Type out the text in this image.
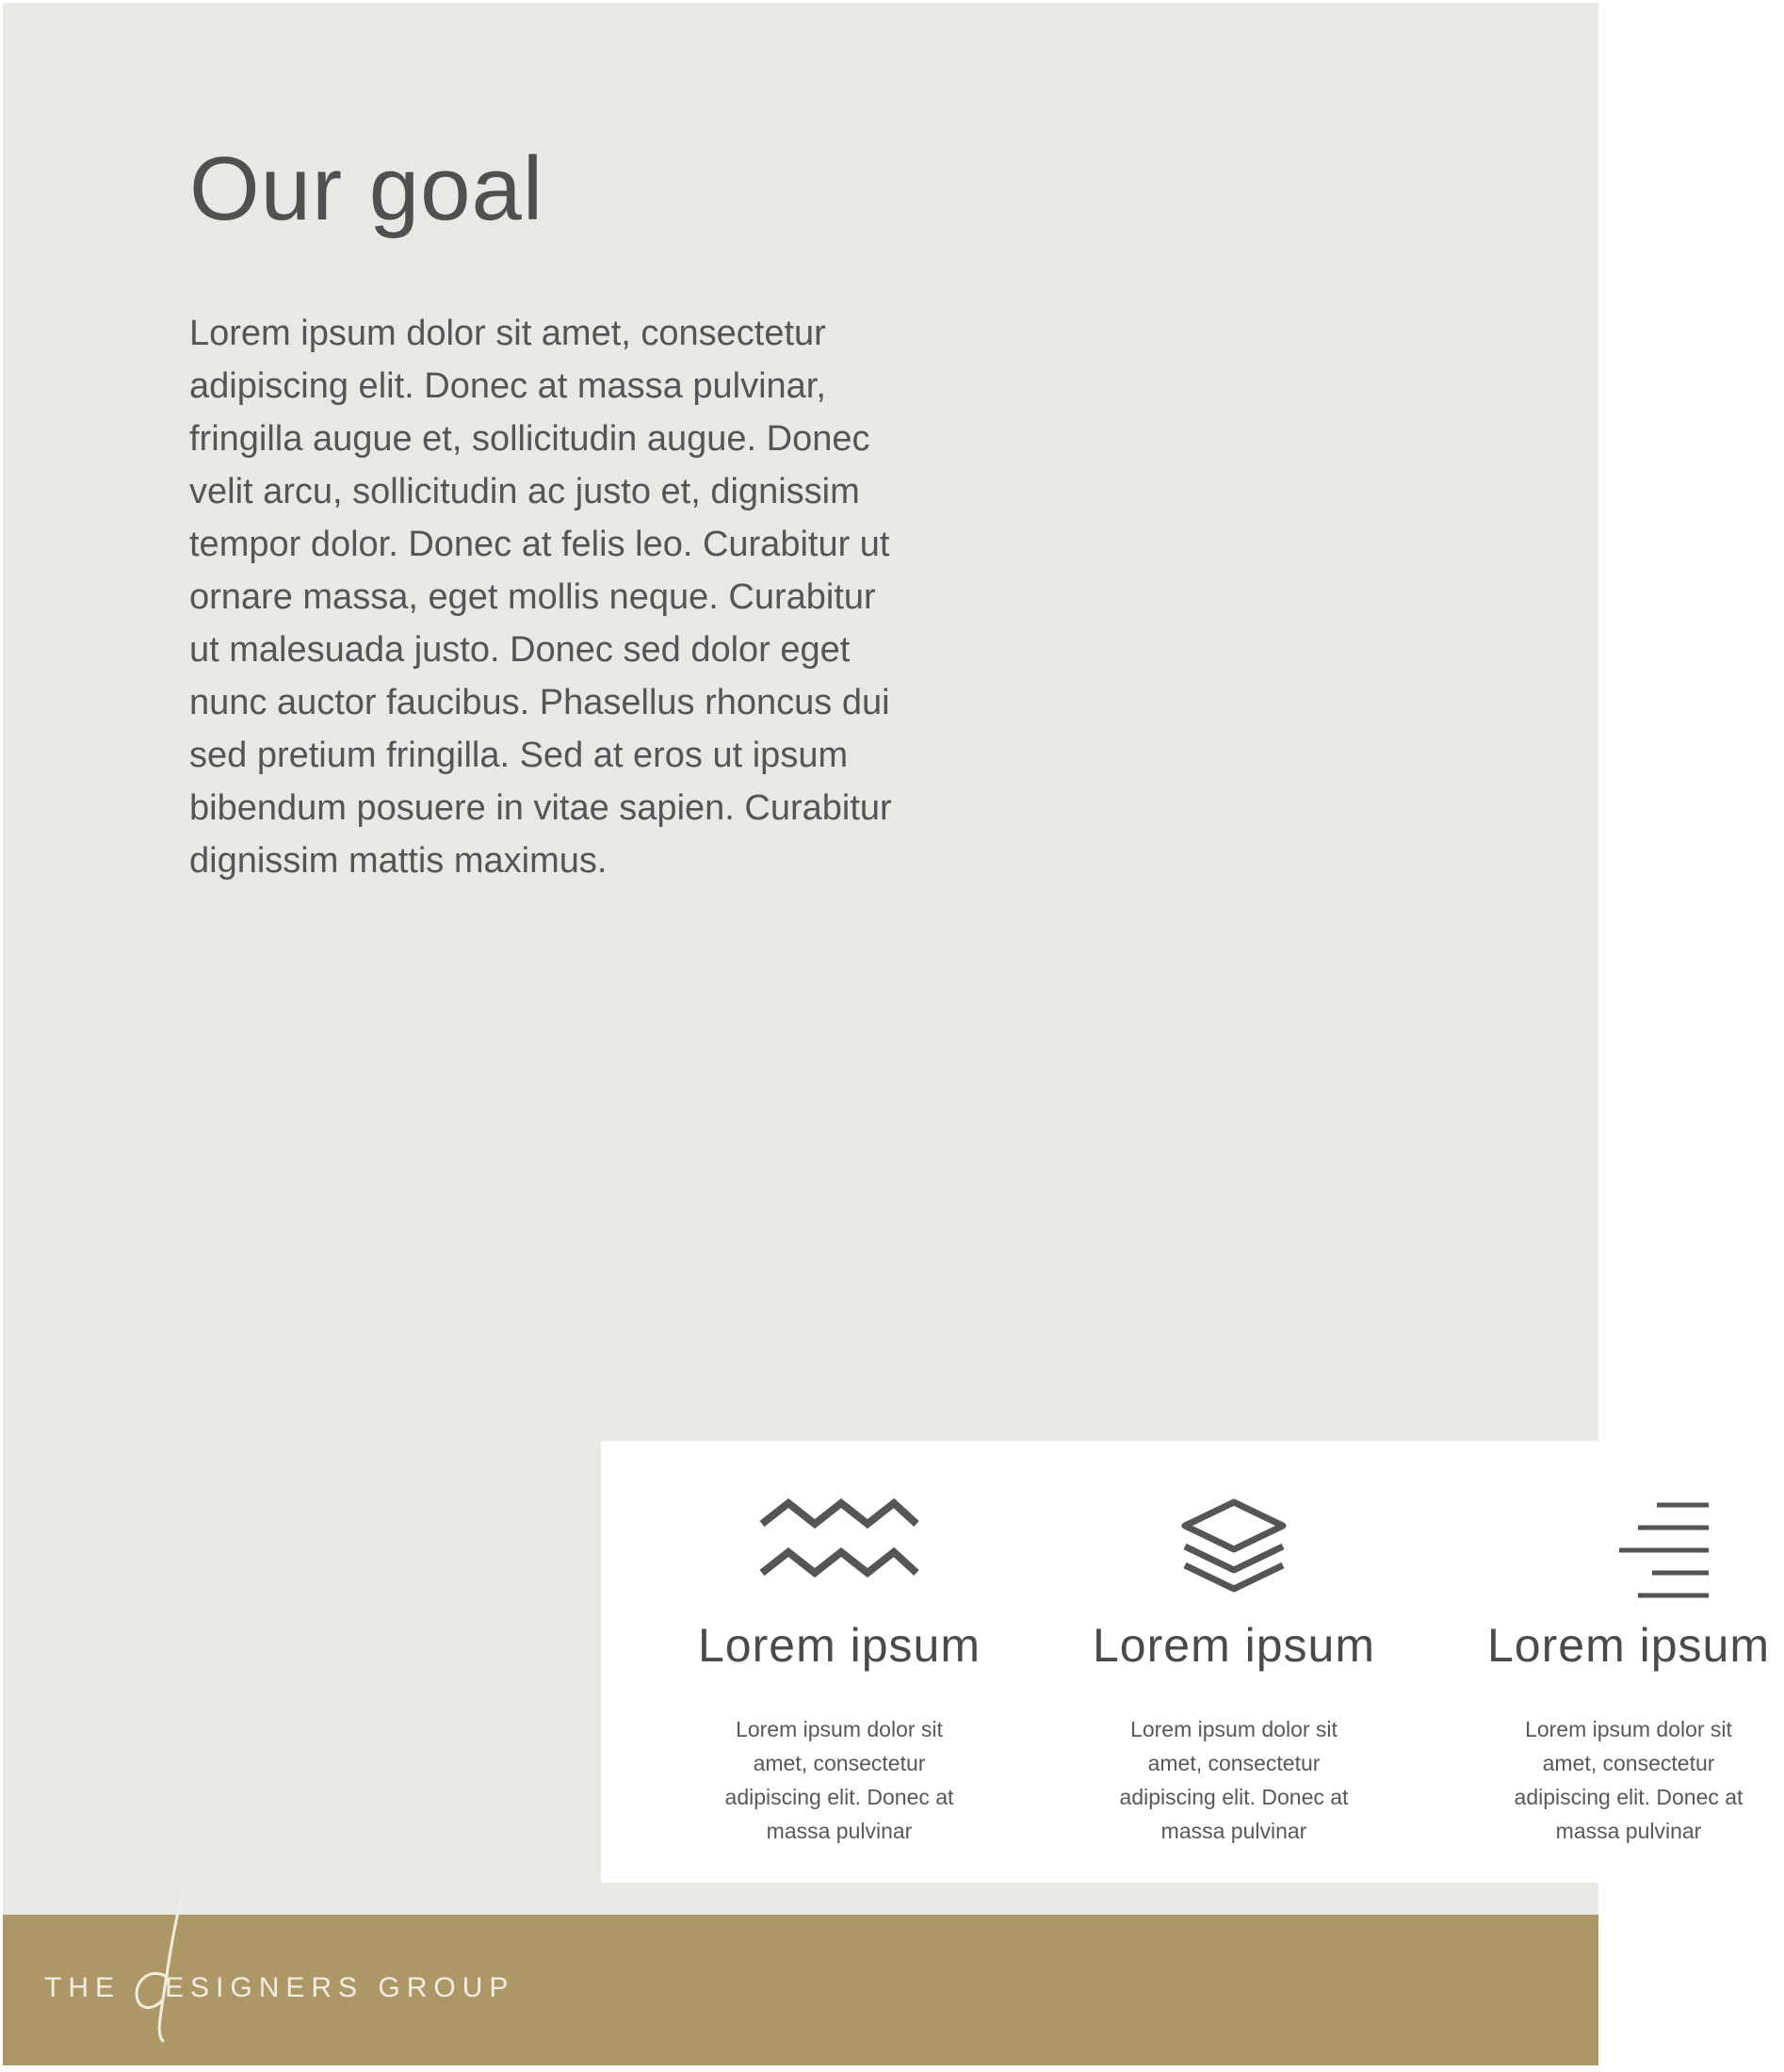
Our goal

Lorem ipsum dolor sit amet, consectetur adipiscing elit. Donec at massa pulvinar, fringilla augue et, sollicitudin augue. Donec velit arcu, sollicitudin ac justo et, dignissim tempor dolor. Donec at felis leo. Curabitur ut ornare massa, eget mollis neque. Curabitur ut malesuada justo. Donec sed dolor eget nunc auctor faucibus. Phasellus rhoncus dui sed pretium fringilla. Sed at eros ut ipsum bibendum posuere in vitae sapien. Curabitur dignissim mattis maximus.

Lorem ipsum
Lorem ipsum dolor sit amet, consectetur adipiscing elit. Donec at massa pulvinar
Lorem ipsum
Lorem ipsum dolor sit amet, consectetur adipiscing elit. Donec at massa pulvinar
Lorem ipsum
Lorem ipsum dolor sit amet, consectetur adipiscing elit. Donec at massa pulvinar
THE ESIGNERS GROUP
